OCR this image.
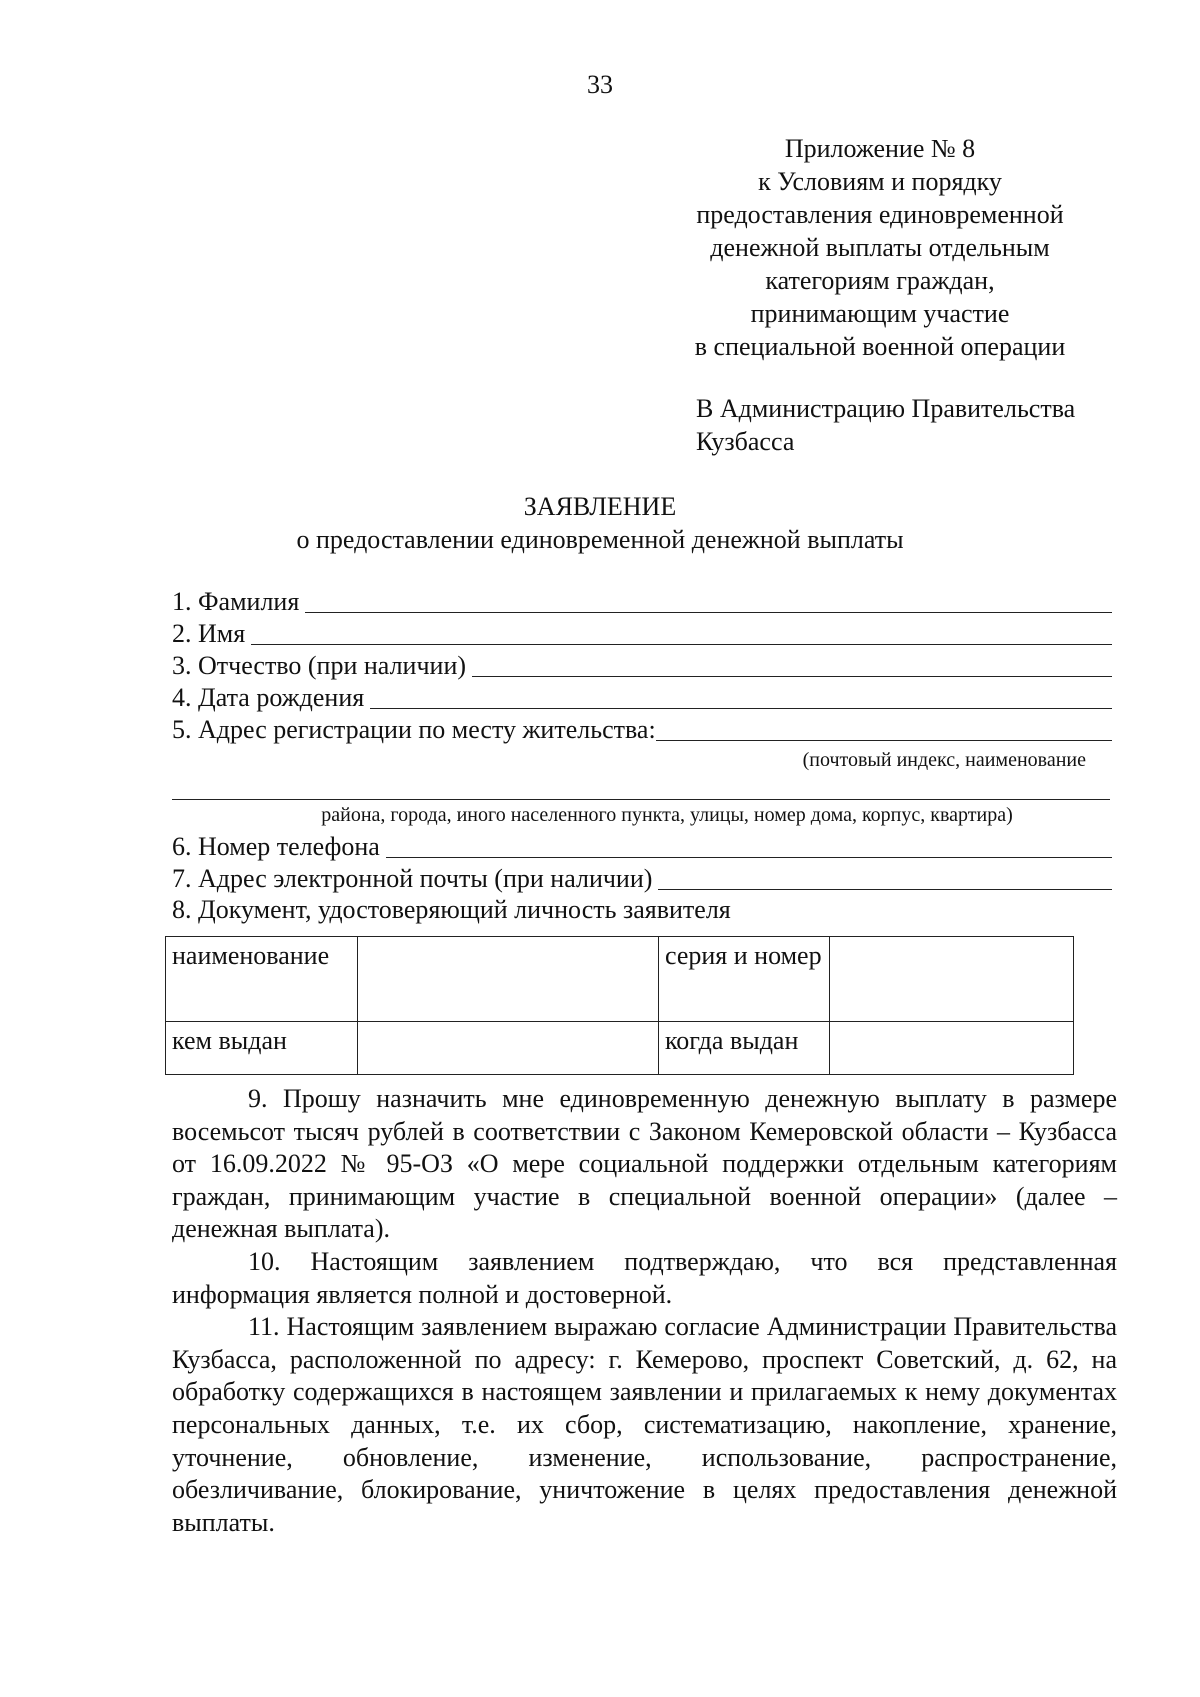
33
Приложение № 8
к Условиям и порядку
предоставления единовременной
денежной выплаты отдельным
категориям граждан,
принимающим участие
в специальной военной операции
В Администрацию Правительства
Кузбасса
ЗАЯВЛЕНИЕ
о предоставлении единовременной денежной выплаты
1. Фамилия
2. Имя
3. Отчество (при наличии)
4. Дата рождения
5. Адрес регистрации по месту жительства:
(почтовый индекс, наименование
района, города, иного населенного пункта, улицы, номер дома, корпус, квартира)
6. Номер телефона
7. Адрес электронной почты (при наличии)
8. Документ, удостоверяющий личность заявителя
наименование		серия и номер	
кем выдан		когда выдан	

9. Прошу назначить мне единовременную денежную выплату в размере восемьсот тысяч рублей в соответствии с Законом Кемеровской области – Кузбасса от 16.09.2022 № 95-ОЗ «О мере социальной поддержки отдельным категориям граждан, принимающим участие в специальной военной операции» (далее – денежная выплата).

10. Настоящим заявлением подтверждаю, что вся представленная информация является полной и достоверной.

11. Настоящим заявлением выражаю согласие Администрации Правительства Кузбасса, расположенной по адресу: г. Кемерово, проспект Советский, д. 62, на обработку содержащихся в настоящем заявлении и прилагаемых к нему документах персональных данных, т.е. их сбор, систематизацию, накопление, хранение, уточнение, обновление, изменение, использование, распространение, обезличивание, блокирование, уничтожение в целях предоставления денежной выплаты.
